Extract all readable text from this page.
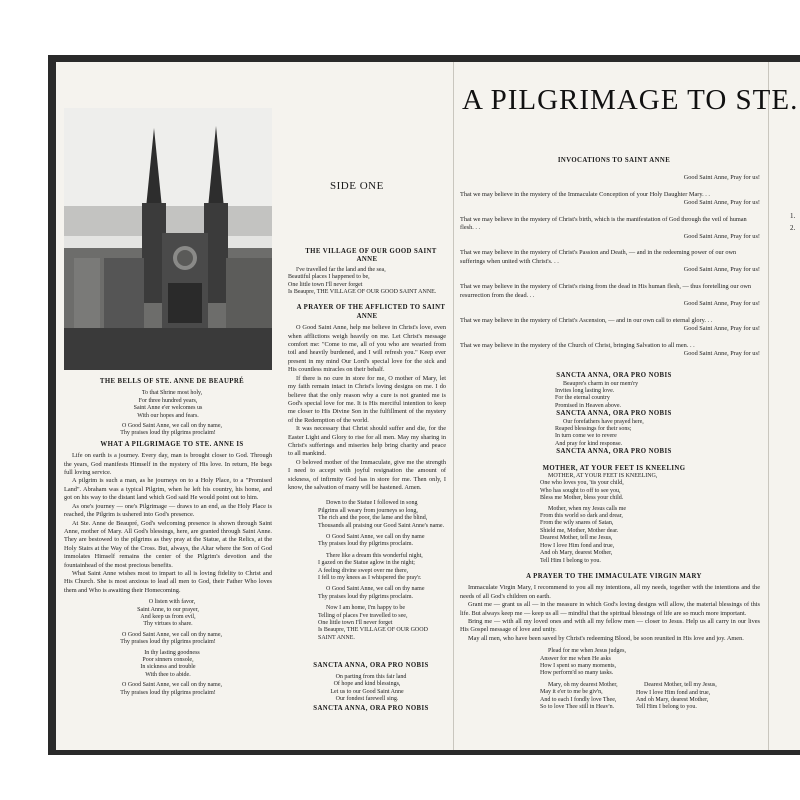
A PILGRIMAGE TO STE.

THE BELLS OF STE. ANNE DE BEAUPRÉ

To that Shrine most holy,
For three hundred years,
Saint Anne e'er welcomes us
With our hopes and fears.

O Good Saint Anne, we call on thy name,
Thy praises loud thy pilgrims proclaim!

WHAT A PILGRIMAGE TO STE. ANNE IS

Life on earth is a journey. Every day, man is brought closer to God. Through the years, God manifests Himself in the mystery of His love. In return, He begs full loving service.

A pilgrim is such a man, as he journeys on to a Holy Place, to a "Promised Land". Abraham was a typical Pilgrim, when he left his country, his home, and got on his way to the distant land which God said He would point out to him.

As one's journey — one's Pilgrimage — draws to an end, as the Holy Place is reached, the Pilgrim is ushered into God's presence.

At Ste. Anne de Beaupré, God's welcoming presence is shown through Saint Anne, mother of Mary. All God's blessings, here, are granted through Saint Anne. They are bestowed to the pilgrims as they pray at the Statue, at the Relics, at the Holy Stairs at the Way of the Cross. But, always, the Altar where the Son of God immolates Himself remains the center of the Pilgrim's devotion and the fountainhead of the most precious benefits.

What Saint Anne wishes most to impart to all is loving fidelity to Christ and His Church. She is most anxious to lead all men to God, their Father Who loves them and Who is awaiting their Homecoming.

O listen with favor,
Saint Anne, to our prayer,
And keep us from evil,
Thy virtues to share.

O Good Saint Anne, we call on thy name,
Thy praises loud thy pilgrims proclaim!

In thy lasting goodness
Poor sinners console,
In sickness and trouble
With thee to abide.

O Good Saint Anne, we call on thy name,
Thy praises loud thy pilgrims proclaim!

SIDE ONE

THE VILLAGE OF OUR GOOD SAINT ANNE

I've travelled far the land and the sea,
Beautiful places I happened to be,
One little town I'll never forget
Is Beaupre, THE VILLAGE OF OUR GOOD SAINT ANNE.

A PRAYER OF THE AFFLICTED TO SAINT ANNE

O Good Saint Anne, help me believe in Christ's love, even when afflictions weigh heavily on me. Let Christ's message comfort me: "Come to me, all of you who are wearied from toil and heavily burdened, and I will refresh you." Keep ever present in my mind Our Lord's special love for the sick and His countless miracles on their behalf.

If there is no cure in store for me, O mother of Mary, let my faith remain intact in Christ's loving designs on me. I do believe that the only reason why a cure is not granted me is God's special love for me. It is His merciful intention to keep me closer to His Divine Son in the fulfillment of the mystery of the Redemption of the world.

It was necessary that Christ should suffer and die, for the Easter Light and Glory to rise for all men. May my sharing in Christ's sufferings and miseries help bring charity and peace to all mankind.

O beloved mother of the Immaculate, give me the strength I need to accept with joyful resignation the amount of sickness, of infirmity God has in store for me. Then only, I know, the salvation of many will be hastened. Amen.

Down to the Statue I followed in song
Pilgrims all weary from journeys so long,
The rich and the poor, the lame and the blind,
Thousands all praising our Good Saint Anne's name.

O Good Saint Anne, we call on thy name
Thy praises loud thy pilgrims proclaim.

There like a dream this wonderful night,
I gazed on the Statue aglow in the night;
A feeling divine swept over me there,
I fell to my knees as I whispered the pray'r.

O Good Saint Anne, we call on thy name
Thy praises loud thy pilgrims proclaim.

Now I am home, I'm happy to be
Telling of places I've travelled to see,
One little town I'll never forget
Is Beaupre, THE VILLAGE OF OUR GOOD SAINT ANNE.

SANCTA ANNA, ORA PRO NOBIS

On parting from this fair land
Of hope and kind blessings,
Let us to our Good Saint Anne
Our fondest farewell sing.

SANCTA ANNA, ORA PRO NOBIS

INVOCATIONS TO SAINT ANNE

Good Saint Anne, Pray for us!

That we may believe in the mystery of the Immaculate Conception of your Holy Daughter Mary. . .

Good Saint Anne, Pray for us!

That we may believe in the mystery of Christ's birth, which is the manifestation of God through the veil of human flesh. . .

Good Saint Anne, Pray for us!

That we may believe in the mystery of Christ's Passion and Death, — and in the redeeming power of our own sufferings when united with Christ's. . .

Good Saint Anne, Pray for us!

That we may believe in the mystery of Christ's rising from the dead in His human flesh, — thus foretelling our own resurrection from the dead. . .

Good Saint Anne, Pray for us!

That we may believe in the mystery of Christ's Ascension, — and in our own call to eternal glory. . .

Good Saint Anne, Pray for us!

That we may believe in the mystery of the Church of Christ, bringing Salvation to all men. . .

Good Saint Anne, Pray for us!

SANCTA ANNA, ORA PRO NOBIS

Beaupre's charm in our mem'ry
Invites long lasting love.
For the eternal country
Promised in Heaven above.

SANCTA ANNA, ORA PRO NOBIS

Our forefathers have prayed here,
Reaped blessings for their sons;
In turn come we to revere
And pray for kind response.

SANCTA ANNA, ORA PRO NOBIS

MOTHER, AT YOUR FEET IS KNEELING

MOTHER, AT YOUR FEET IS KNEELING,
One who loves you, 'tis your child,
Who has sought to off to see you,
Bless me Mother, bless your child.

Mother, when my Jesus calls me
From this world so dark and drear,
From the wily snares of Satan,
Shield me, Mother, Mother dear.
Dearest Mother, tell me Jesus,
How I love Him fond and true,
And oh Mary, dearest Mother,
Tell Him I belong to you.

A PRAYER TO THE IMMACULATE VIRGIN MARY

Immaculate Virgin Mary, I recommend to you all my intentions, all my needs, together with the intentions and the needs of all God's children on earth.

Grant me — grant us all — in the measure in which God's loving designs will allow, the material blessings of this life. But always keep me — keep us all — mindful that the spiritual blessings of life are so much more important.

Bring me — with all my loved ones and with all my fellow men — closer to Jesus. Help us all carry in our lives His Gospel message of love and unity.

May all men, who have been saved by Christ's redeeming Blood, be soon reunited in His love and joy. Amen.

Plead for me when Jesus judges,
Answer for me when He asks
How I spent so many moments,
How perform'd so many tasks.

Mary, oh my dearest Mother,
May it e'er to me be giv'n,
And to each I fondly love Thee,
So to love Thee still in Heav'n.

Dearest Mother, tell my Jesus,
How I love Him fond and true,
And oh Mary, dearest Mother,
Tell Him I belong to you.

1.
2.
